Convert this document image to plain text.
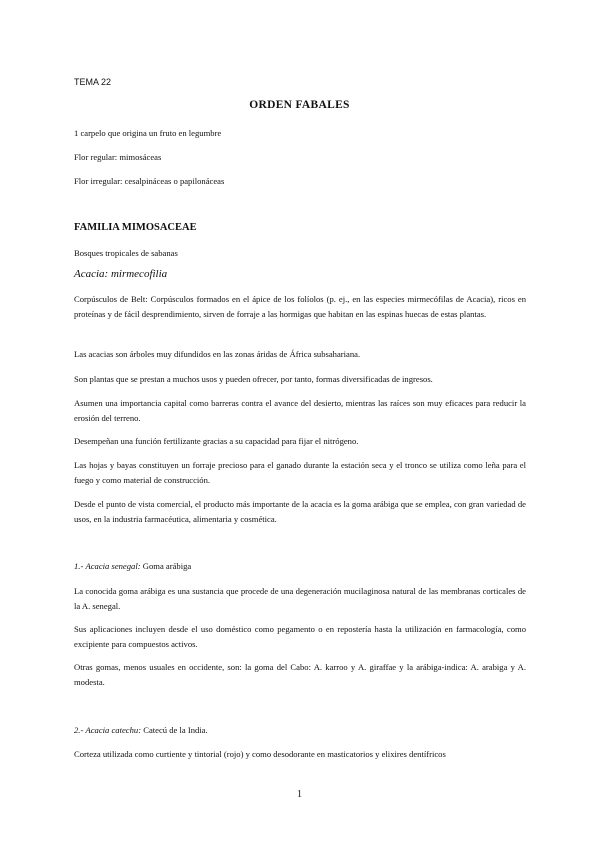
TEMA 22
ORDEN FABALES
1 carpelo que origina un fruto en legumbre
Flor regular: mimosáceas
Flor irregular: cesalpináceas o papilonáceas
FAMILIA MIMOSACEAE
Bosques tropicales de sabanas
Acacia: mirmecofilia
Corpúsculos de Belt: Corpúsculos formados en el ápice de los folíolos (p. ej., en las especies mirmecófilas de Acacia), ricos en proteínas y de fácil desprendimiento, sirven de forraje a las hormigas que habitan en las espinas huecas de estas plantas.
Las acacias son árboles muy difundidos en las zonas áridas de África subsahariana.
Son plantas que se prestan a muchos usos y pueden ofrecer, por tanto, formas diversificadas de ingresos.
Asumen una importancia capital como barreras contra el avance del desierto, mientras las raíces son muy eficaces para reducir la erosión del terreno.
Desempeñan una función fertilizante gracias a su capacidad para fijar el nitrógeno.
Las hojas y bayas constituyen un forraje precioso para el ganado durante la estación seca y el tronco se utiliza como leña para el fuego y como material de construcción.
Desde el punto de vista comercial, el producto más importante de la acacia es la goma arábiga que se emplea, con gran variedad de usos, en la industria farmacéutica, alimentaria y cosmética.
1.- Acacia senegal: Goma arábiga
La conocida goma arábiga es una sustancia que procede de una degeneración mucilaginosa natural de las membranas corticales de la A. senegal.
Sus aplicaciones incluyen desde el uso doméstico como pegamento o en repostería hasta la utilización en farmacología, como excipiente para compuestos activos.
Otras gomas, menos usuales en occidente, son: la goma del Cabo: A. karroo y A. giraffae y la arábiga-indica: A. arabiga y A. modesta.
2.- Acacia catechu: Catecú de la India.
Corteza utilizada como curtiente y tintorial (rojo) y como desodorante en masticatorios y elixires dentífricos
1
